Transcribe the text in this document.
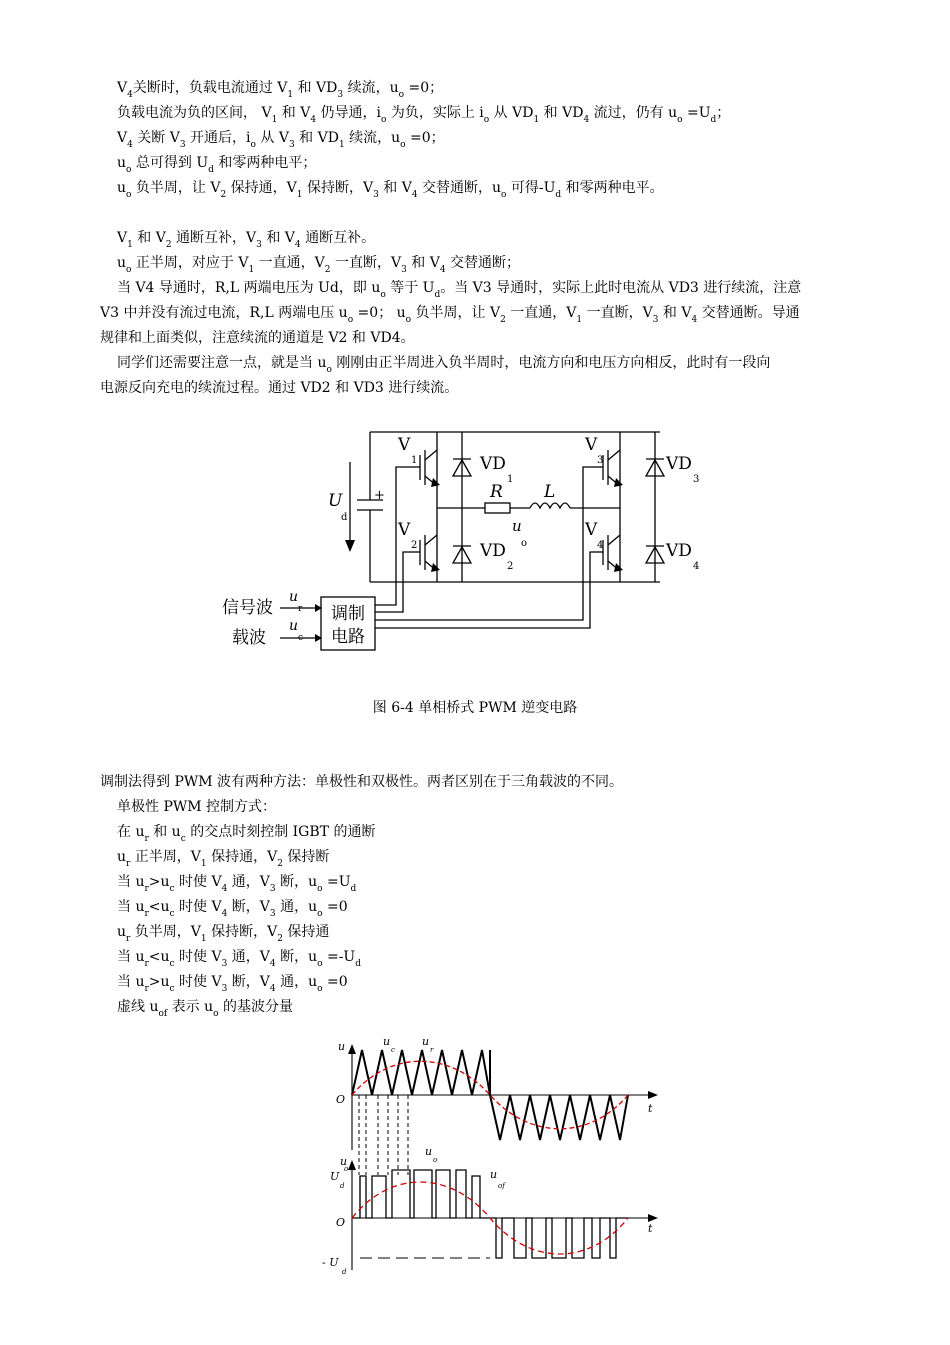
$V_4$关断时，负载电流通过 $V_1$ 和 $VD_3$ 续流，$u_o =0$；
负载电流为负的区间， $V_1$ 和 $V_4$ 仍导通，$i_o$ 为负，实际上 $i_o$ 从 $VD_1$ 和 $VD_4$ 流过，仍有 $u_o =U_d$；
$V_4$ 关断 $V_3$ 开通后，$i_o$ 从 $V_3$ 和 $VD_1$ 续流，$u_o =0$；
$u_o$ 总可得到 $U_d$ 和零两种电平；
$u_o$ 负半周，让 $V_2$ 保持通，$V_1$ 保持断，$V_3$ 和 $V_4$ 交替通断，$u_o$ 可得$-U_d$ 和零两种电平。
$V_1$ 和 $V_2$ 通断互补，$V_3$ 和 $V_4$ 通断互补。
$u_o$ 正半周，对应于 $V_1$ 一直通，$V_2$ 一直断，$V_3$ 和 $V_4$ 交替通断；
当 V4 导通时，R,L 两端电压为 Ud，即 $u_o$ 等于 $U_d$。当 V3 导通时，实际上此时电流从 VD3 进行续流，注意
V3 中并没有流过电流，R,L 两端电压 $u_o =0$； $u_o$ 负半周，让 $V_2$ 一直通，$V_1$ 一直断，$V_3$ 和 $V_4$ 交替通断。导通
规律和上面类似，注意续流的通道是 V2 和 VD4。
同学们还需要注意一点，就是当 $u_o$ 刚刚由正半周进入负半周时，电流方向和电压方向相反，此时有一段向
电源反向充电的续流过程。通过 VD2 和 VD3 进行续流。
V
1	VD
1
V
2	VD
2
V
3	VD
3
V
4	VD
4
R L
u
o
U
d
+
信号波
载波
u
r
u
c
调制
电路
图 6-4 单相桥式 PWM 逆变电路
调制法得到 PWM 波有两种方法：单极性和双极性。两者区别在于三角载波的不同。
单极性 PWM 控制方式：
在 $u_r$ 和 $u_c$ 的交点时刻控制 IGBT 的通断
$u_r$ 正半周，$V_1$ 保持通，$V_2$ 保持断
当 $u_r>u_c$ 时使 $V_4$ 通，$V_3$ 断，$u_o =U_d$
当 $u_r<u_c$ 时使 $V_4$ 断，$V_3$ 通，$u_o =0$
$u_r$ 负半周，$V_1$ 保持断，$V_2$ 保持通
当 $u_r<u_c$ 时使 $V_3$ 通，$V_4$ 断，$u_o =-U_d$
当 $u_r>u_c$ 时使 $V_3$ 断，$V_4$ 通，$u_o =0$
虚线 $u_{of}$ 表示 $u_o$ 的基波分量
u
O
t
u
c
u
r
u
o
U
d
u
o
O	t
u
of
- U
d
